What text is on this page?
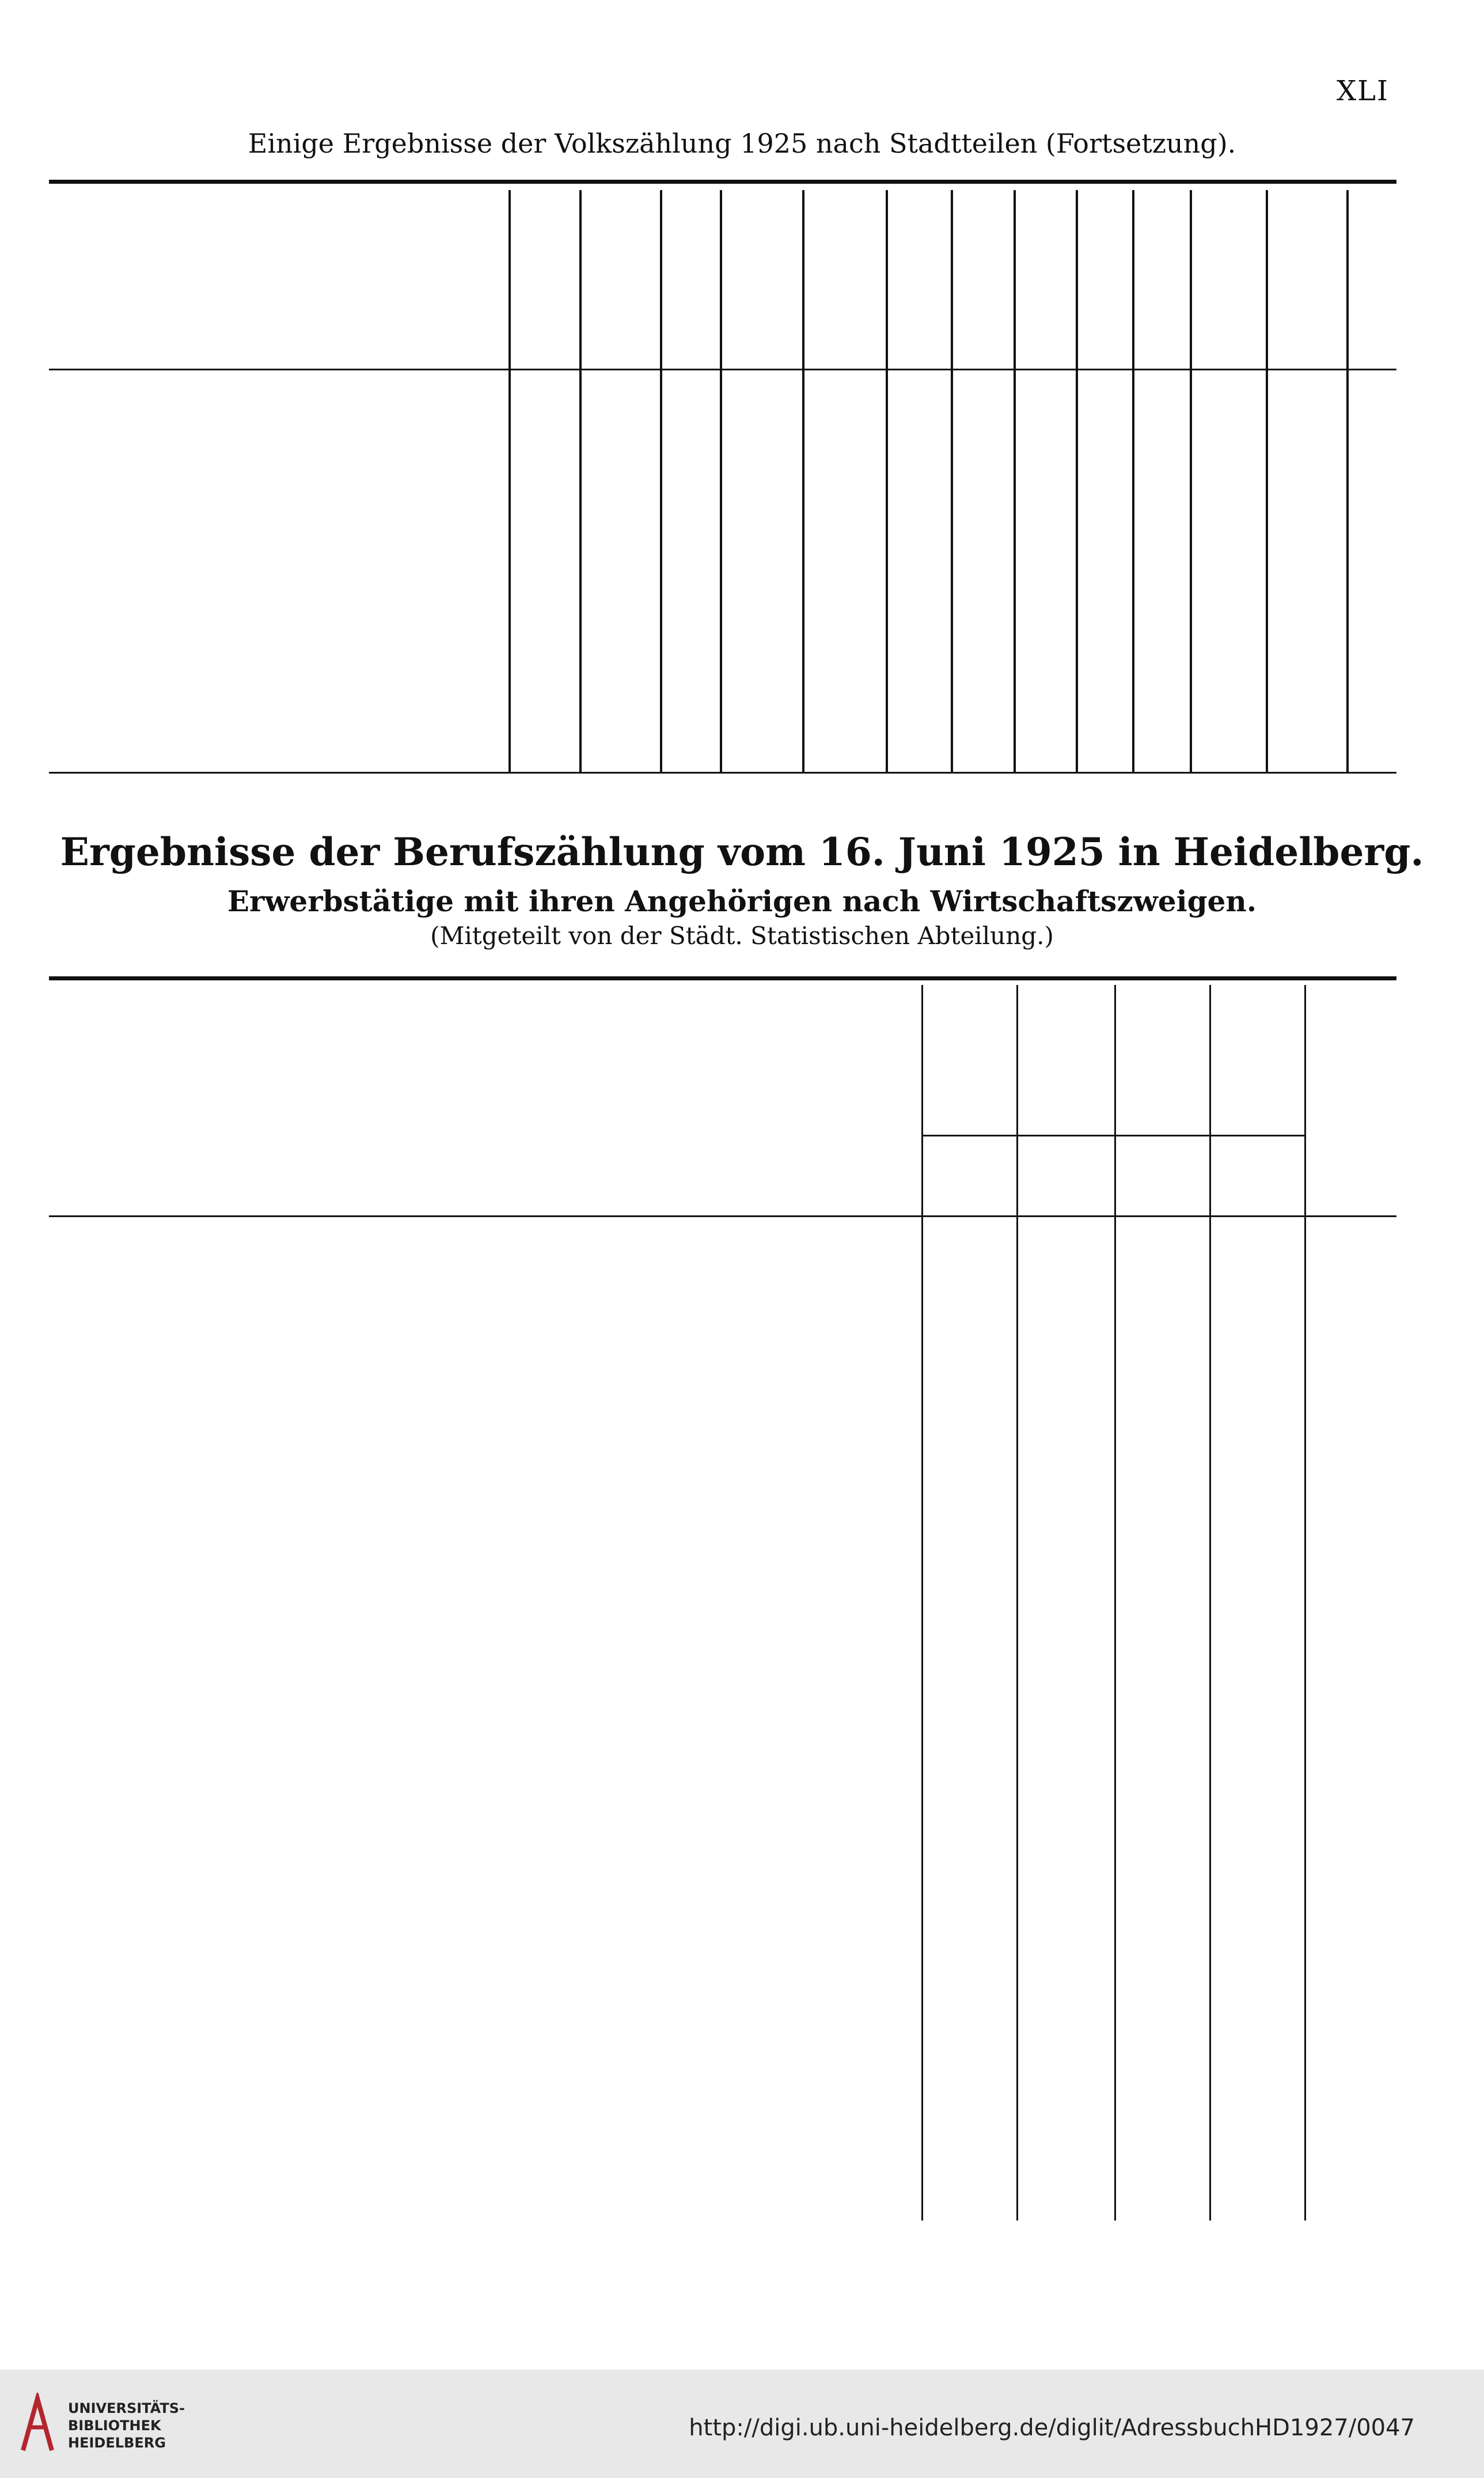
XLI
Einige Ergebnisse der Volkszählung 1925 nach Stadtteilen (Fortsetzung).
Ergebnisse der Berufszählung vom 16. Juni 1925 in Heidelberg.
Erwerbstätige mit ihren Angehörigen nach Wirtschaftszweigen.
(Mitgeteilt von der Städt. Statistischen Abteilung.)
UNIVERSITÄTS-
BIBLIOTHEK
HEIDELBERG
http://digi.ub.uni-heidelberg.de/diglit/AdressbuchHD1927/0047
